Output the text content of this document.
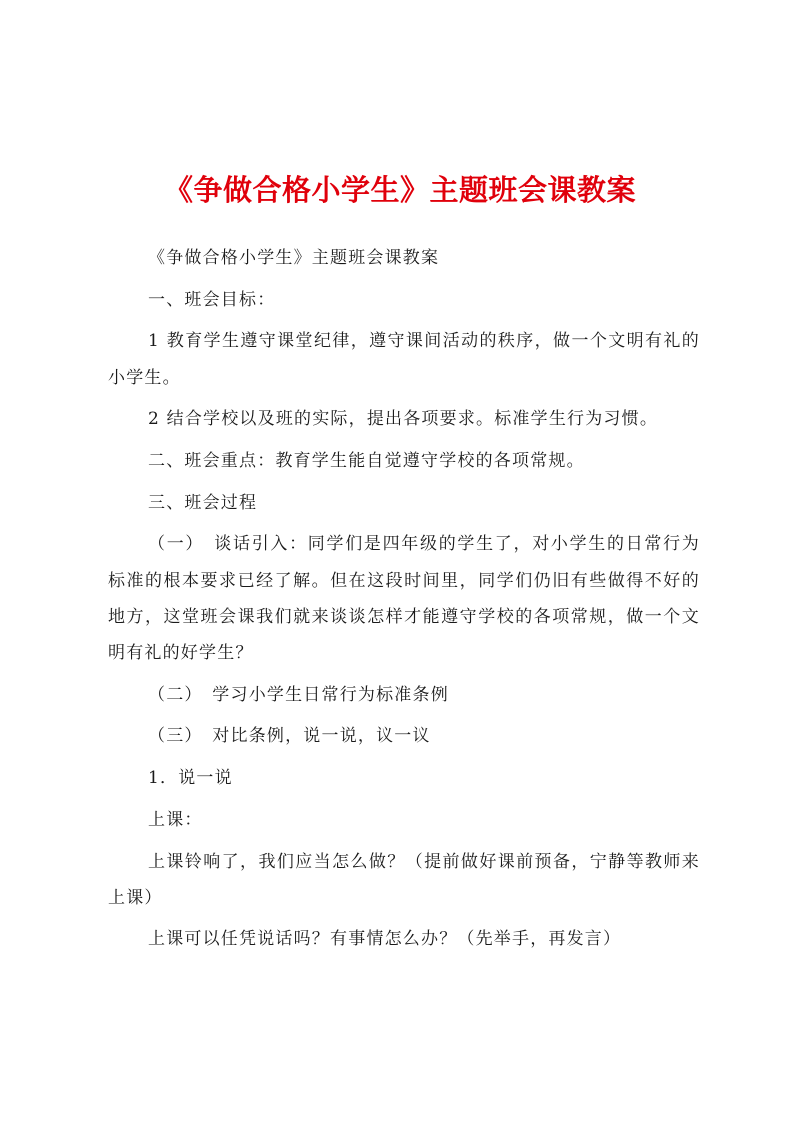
《争做合格小学生》主题班会课教案

《争做合格小学生》主题班会课教案

一、班会目标：

1 教育学生遵守课堂纪律，遵守课间活动的秩序，做一个文明有礼的小学生。

2 结合学校以及班的实际，提出各项要求。标准学生行为习惯。

二、班会重点：教育学生能自觉遵守学校的各项常规。

三、班会过程

（一）　谈话引入：同学们是四年级的学生了，对小学生的日常行为标准的根本要求已经了解。但在这段时间里，同学们仍旧有些做得不好的地方，这堂班会课我们就来谈谈怎样才能遵守学校的各项常规，做一个文明有礼的好学生？

（二）　学习小学生日常行为标准条例

（三）　对比条例，说一说，议一议

1．说一说

上课：

上课铃响了，我们应当怎么做？（提前做好课前预备，宁静等教师来上课）

上课可以任凭说话吗？有事情怎么办？（先举手，再发言）
